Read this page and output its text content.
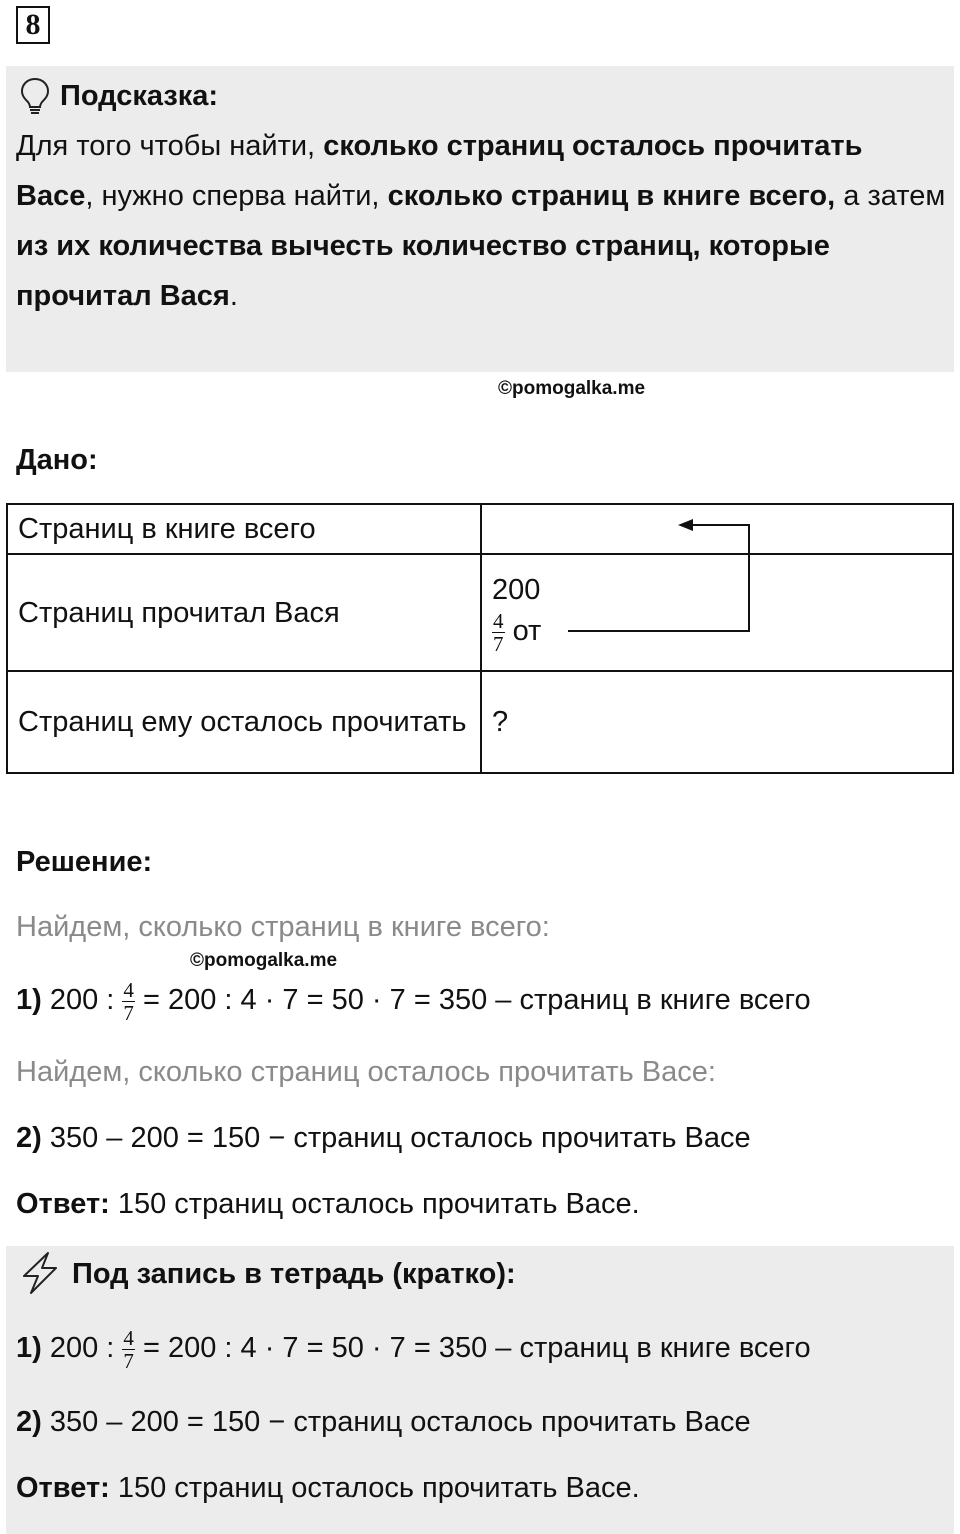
8
Подсказка:
Для того чтобы найти, сколько страниц осталось прочитать Васе, нужно сперва найти, сколько страниц в книге всего, а затем из их количества вычесть количество страниц, которые прочитал Вася.
©pomogalka.me
Дано:
Страниц в книге всего	
Страниц прочитал Вася	200
$\frac{4}{7}$ от

Страниц ему осталось прочитать	?
Решение:
Найдем, сколько страниц в книге всего:
©pomogalka.me
1) 200 : $\frac{4}{7} = 200$ : 4 · 7 = 50 · 7 = 350 – страниц в книге всего
Найдем, сколько страниц осталось прочитать Васе:
2) 350 – 200 = 150 − страниц осталось прочитать Васе
Ответ: 150 страниц осталось прочитать Васе.
Под запись в тетрадь (кратко):
1) 200 : $\frac{4}{7} = 200$ : 4 · 7 = 50 · 7 = 350 – страниц в книге всего
2) 350 – 200 = 150 − страниц осталось прочитать Васе
Ответ: 150 страниц осталось прочитать Васе.
